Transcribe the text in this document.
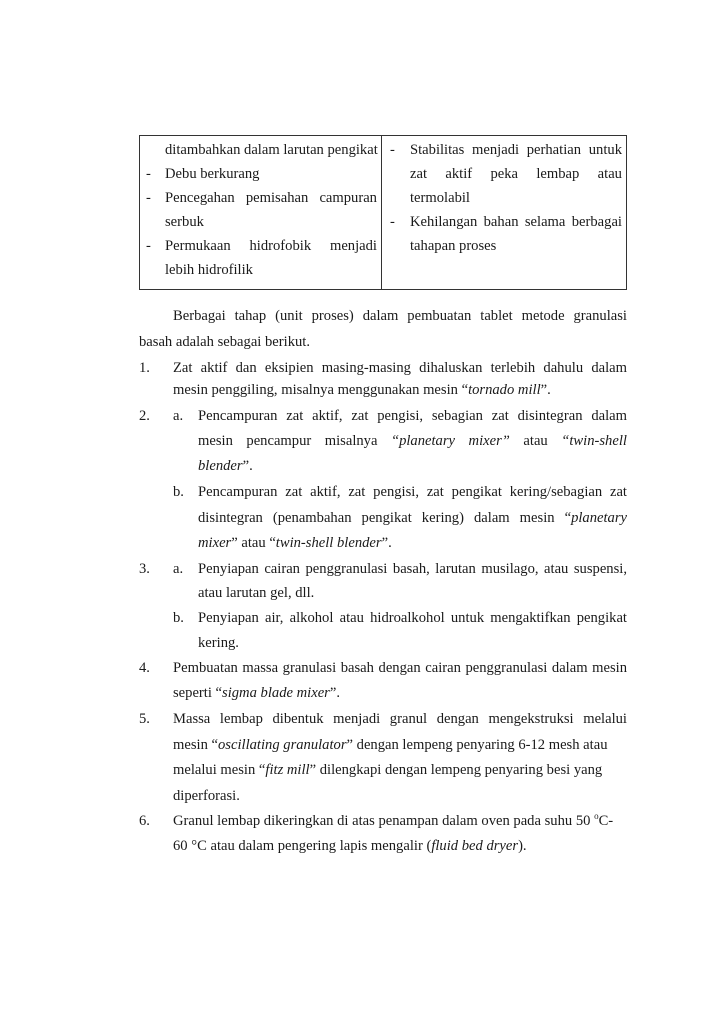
ditambahkan dalam larutan pengikat
- Debu berkurang
- Pencegahan pemisahan campuran
serbuk
- Permukaan hidrofobik menjadi
lebih hidrofilik
-	Stabilitas menjadi perhatian untuk
zat aktif peka lembap atau
termolabil
-	Kehilangan bahan selama berbagai
tahapan proses
Berbagai tahap (unit proses) dalam pembuatan tablet metode granulasi
basah adalah sebagai berikut.
1. Zat aktif dan eksipien masing-masing dihaluskan terlebih dahulu dalam
mesin penggiling, misalnya menggunakan mesin “tornado mill”.
2. a. Pencampuran zat aktif, zat pengisi, sebagian zat disintegran dalam
mesin pencampur misalnya “planetary mixer” atau “twin-shell
blender”.
b. Pencampuran zat aktif, zat pengisi, zat pengikat kering/sebagian zat
disintegran (penambahan pengikat kering) dalam mesin “ planetary
mixer” atau “twin-shell blender”.
3. a. Penyiapan cairan penggranulasi basah, larutan musilago, atau suspensi,
atau larutan gel, dll.
b. Penyiapan air, alkohol atau hidroalkohol untuk mengaktifkan pengikat
kering.
4. Pembuatan massa granulasi basah dengan cairan penggranulasi dalam mesin
seperti “sigma blade mixer”.
5. Massa lembap dibentuk menjadi granul dengan mengekstruksi melalui
mesin “oscillating granulator” dengan lempeng penyaring 6-12 mesh atau
melalui mesin “fitz mill” dilengkapi dengan lempeng penyaring besi yang
diperforasi.
6. Granul lembap dikeringkan di atas penampan dalam oven pada suhu 50 $^o$C-
60 °C atau dalam pengering lapis mengalir (fluid bed dryer).
